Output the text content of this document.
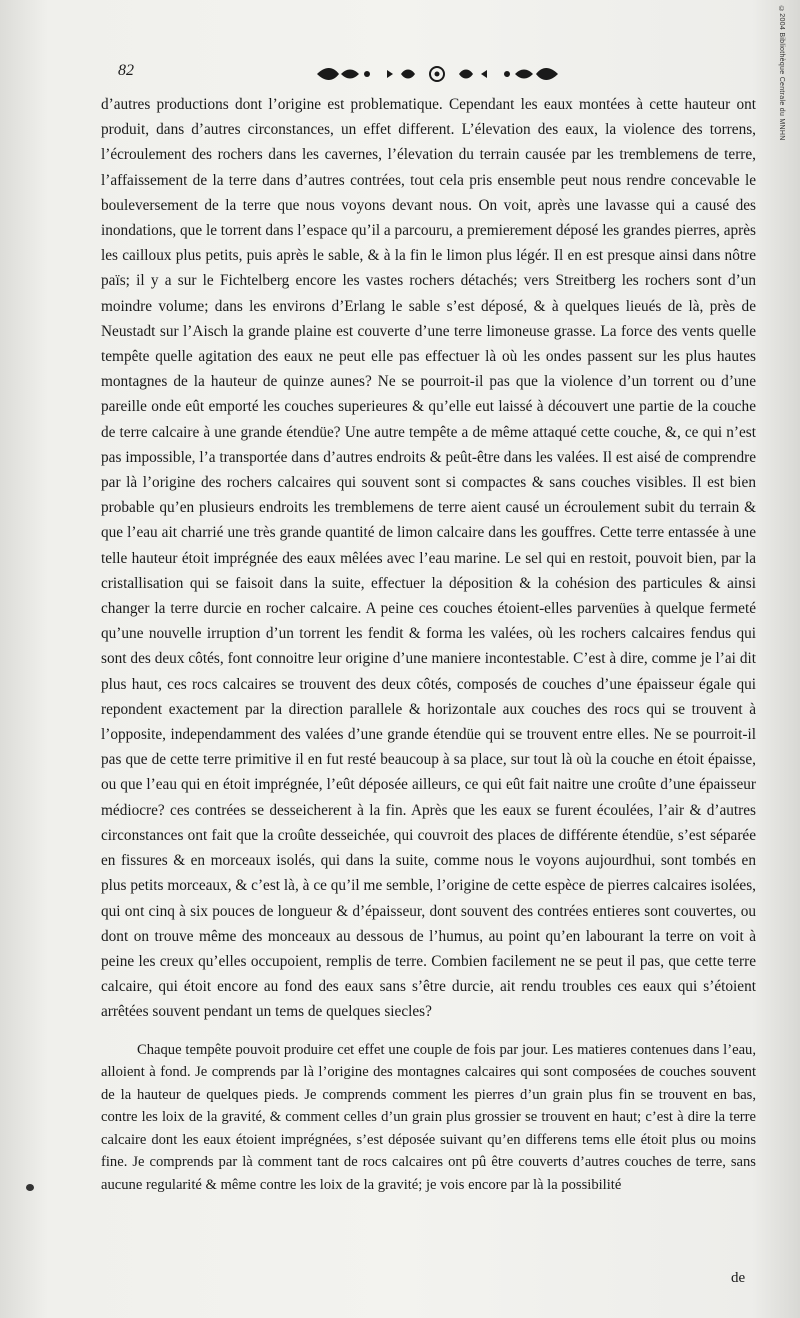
©2004 Bibliothèque Centrale du MNHN
82

d’autres productions dont l’origine est problematique. Cependant les eaux montées à cette hauteur ont produit, dans d’autres circonstances, un effet different. L’élevation des eaux, la violence des torrens, l’écroulement des rochers dans les cavernes, l’élevation du terrain causée par les tremblemens de terre, l’affaissement de la terre dans d’autres contrées, tout cela pris ensemble peut nous rendre concevable le bouleversement de la terre que nous voyons devant nous. On voit, après une lavasse qui a causé des inondations, que le torrent dans l’espace qu’il a parcouru, a premierement déposé les grandes pierres, après les cailloux plus petits, puis après le sable, & à la fin le limon plus légér. Il en est presque ainsi dans nôtre païs; il y a sur le Fichtelberg encore les vastes rochers détachés; vers Streitberg les rochers sont d’un moindre volume; dans les environs d’Erlang le sable s’est déposé, & à quelques lieués de là, près de Neustadt sur l’Aisch la grande plaine est couverte d’une terre limoneuse grasse. La force des vents quelle tempête quelle agitation des eaux ne peut elle pas effectuer là où les ondes passent sur les plus hautes montagnes de la hauteur de quinze aunes? Ne se pourroit-il pas que la violence d’un torrent ou d’une pareille onde eût emporté les couches superieures & qu’elle eut laissé à découvert une partie de la couche de terre calcaire à une grande étendüe? Une autre tempête a de même attaqué cette couche, &, ce qui n’est pas impossible, l’a transportée dans d’autres endroits & peût-être dans les valées. Il est aisé de comprendre par là l’origine des rochers calcaires qui souvent sont si compactes & sans couches visibles. Il est bien probable qu’en plusieurs endroits les tremblemens de terre aient causé un écroulement subit du terrain & que l’eau ait charrié une très grande quantité de limon calcaire dans les gouffres. Cette terre entassée à une telle hauteur étoit imprégnée des eaux mêlées avec l’eau marine. Le sel qui en restoit, pouvoit bien, par la cristallisation qui se faisoit dans la suite, effectuer la déposition & la cohésion des particules & ainsi changer la terre durcie en rocher calcaire. A peine ces couches étoient-elles parvenües à quelque fermeté qu’une nouvelle irruption d’un torrent les fendit & forma les valées, où les rochers calcaires fendus qui sont des deux côtés, font connoitre leur origine d’une maniere incontestable. C’est à dire, comme je l’ai dit plus haut, ces rocs calcaires se trouvent des deux côtés, composés de couches d’une épaisseur égale qui repondent exactement par la direction parallele & horizontale aux couches des rocs qui se trouvent à l’opposite, independamment des valées d’une grande étendüe qui se trouvent entre elles. Ne se pourroit-il pas que de cette terre primitive il en fut resté beaucoup à sa place, sur tout là où la couche en étoit épaisse, ou que l’eau qui en étoit imprégnée, l’eût déposée ailleurs, ce qui eût fait naitre une croûte d’une épaisseur médiocre? ces contrées se desseicherent à la fin. Après que les eaux se furent écoulées, l’air & d’autres circonstances ont fait que la croûte desseichée, qui couvroit des places de différente étendüe, s’est séparée en fissures & en morceaux isolés, qui dans la suite, comme nous le voyons aujourdhui, sont tombés en plus petits morceaux, & c’est là, à ce qu’il me semble, l’origine de cette espèce de pierres calcaires isolées, qui ont cinq à six pouces de longueur & d’épaisseur, dont souvent des contrées entieres sont couvertes, ou dont on trouve même des monceaux au dessous de l’humus, au point qu’en labourant la terre on voit à peine les creux qu’elles occupoient, remplis de terre. Combien facilement ne se peut il pas, que cette terre calcaire, qui étoit encore au fond des eaux sans s’être durcie, ait rendu troubles ces eaux qui s’étoient arrêtées souvent pendant un tems de quelques siecles?

Chaque tempête pouvoit produire cet effet une couple de fois par jour. Les matieres contenues dans l’eau, alloient à fond. Je comprends par là l’origine des montagnes calcaires qui sont composées de couches souvent de la hauteur de quelques pieds. Je comprends comment les pierres d’un grain plus fin se trouvent en bas, contre les loix de la gravité, & comment celles d’un grain plus grossier se trouvent en haut; c’est à dire la terre calcaire dont les eaux étoient imprégnées, s’est déposée suivant qu’en differens tems elle étoit plus ou moins fine. Je comprends par là comment tant de rocs calcaires ont pû être couverts d’autres couches de terre, sans aucune regularité & même contre les loix de la gravité; je vois encore par là la possibilité

de
